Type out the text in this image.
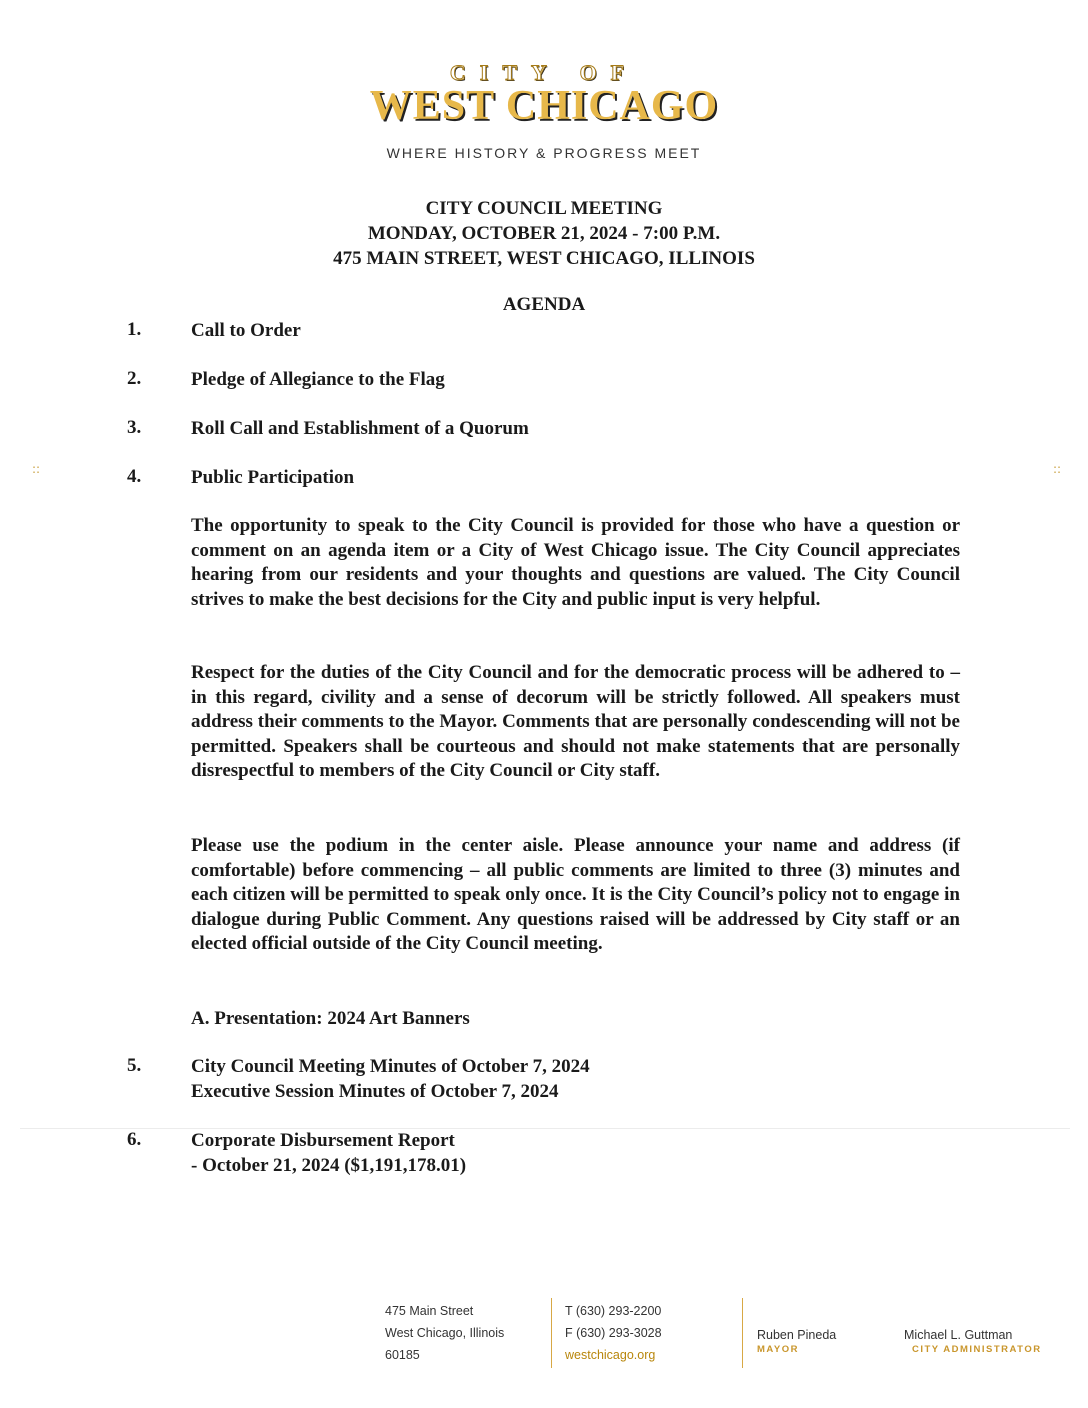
CITY OF
WEST CHICAGO
WHERE HISTORY & PROGRESS MEET
CITY COUNCIL MEETING
MONDAY, OCTOBER 21, 2024 - 7:00 P.M.
475 MAIN STREET, WEST CHICAGO, ILLINOIS
AGENDA
::	::
1.	Call to Order
2.	Pledge of Allegiance to the Flag
3.	Roll Call and Establishment of a Quorum
4.	Public Participation
The opportunity to speak to the City Council is provided for those who have a question or comment on an agenda item or a City of West Chicago issue. The City Council appreciates hearing from our residents and your thoughts and questions are valued. The City Council strives to make the best decisions for the City and public input is very helpful.
Respect for the duties of the City Council and for the democratic process will be adhered to – in this regard, civility and a sense of decorum will be strictly followed. All speakers must address their comments to the Mayor. Comments that are personally condescending will not be permitted. Speakers shall be courteous and should not make statements that are personally disrespectful to members of the City Council or City staff.
Please use the podium in the center aisle. Please announce your name and address (if comfortable) before commencing – all public comments are limited to three (3) minutes and each citizen will be permitted to speak only once. It is the City Council’s policy not to engage in dialogue during Public Comment. Any questions raised will be addressed by City staff or an elected official outside of the City Council meeting.
A. Presentation: 2024 Art Banners
5.	City Council Meeting Minutes of October 7, 2024
Executive Session Minutes of October 7, 2024
6.	Corporate Disbursement Report
- October 21, 2024 ($1,191,178.01)
475 Main Street
West Chicago, Illinois
60185
T (630) 293-2200
F (630) 293-3028
westchicago.org
Ruben Pineda
MAYOR
Michael L. Guttman
CITY ADMINISTRATOR
